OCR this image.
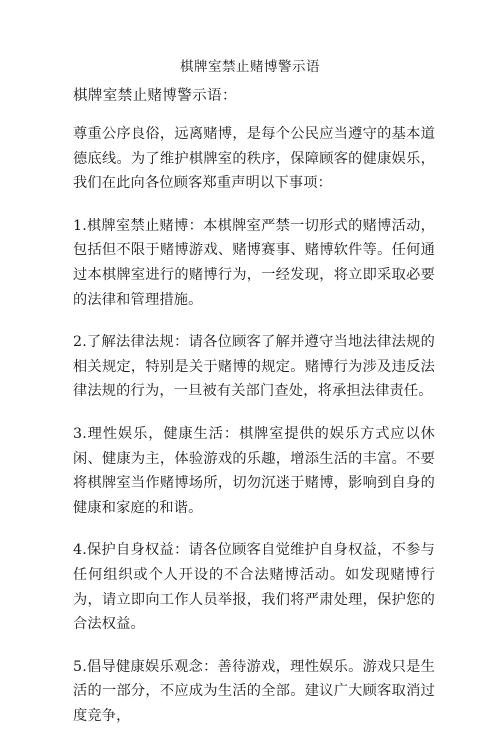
棋牌室禁止赌博警示语
棋牌室禁止赌博警示语：

尊重公序良俗，远离赌博，是每个公民应当遵守的基本道德底线。为了维护棋牌室的秩序，保障顾客的健康娱乐，我们在此向各位顾客郑重声明以下事项：

1.棋牌室禁止赌博：本棋牌室严禁一切形式的赌博活动，包括但不限于赌博游戏、赌博赛事、赌博软件等。任何通过本棋牌室进行的赌博行为，一经发现，将立即采取必要的法律和管理措施。

2.了解法律法规：请各位顾客了解并遵守当地法律法规的相关规定，特别是关于赌博的规定。赌博行为涉及违反法律法规的行为，一旦被有关部门查处，将承担法律责任。

3.理性娱乐，健康生活：棋牌室提供的娱乐方式应以休闲、健康为主，体验游戏的乐趣，增添生活的丰富。不要将棋牌室当作赌博场所，切勿沉迷于赌博，影响到自身的健康和家庭的和谐。

4.保护自身权益：请各位顾客自觉维护自身权益，不参与任何组织或个人开设的不合法赌博活动。如发现赌博行为，请立即向工作人员举报，我们将严肃处理，保护您的合法权益。

5.倡导健康娱乐观念：善待游戏，理性娱乐。游戏只是生活的一部分，不应成为生活的全部。建议广大顾客取消过度竞争，
